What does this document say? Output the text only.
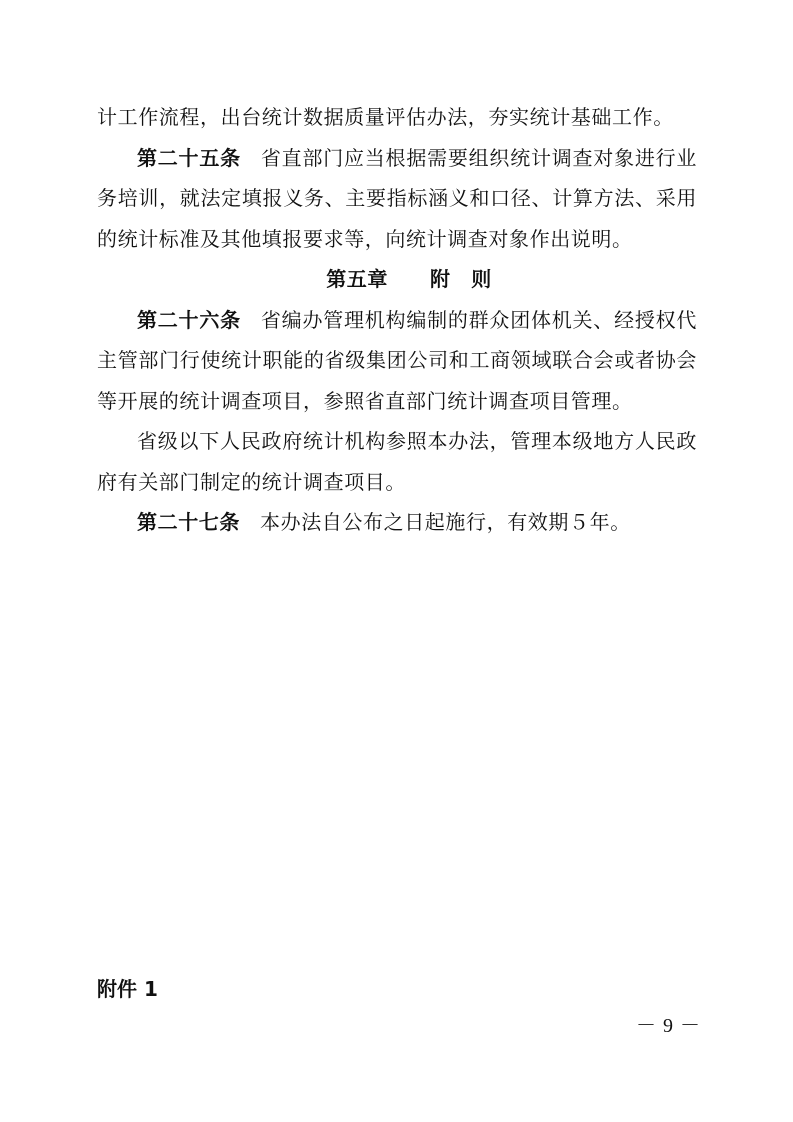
计工作流程，出台统计数据质量评估办法，夯实统计基础工作。

第二十五条 省直部门应当根据需要组织统计调查对象进行业务培训，就法定填报义务、主要指标涵义和口径、计算方法、采用的统计标准及其他填报要求等，向统计调查对象作出说明。

第五章 附　则

第二十六条 省编办管理机构编制的群众团体机关、经授权代主管部门行使统计职能的省级集团公司和工商领域联合会或者协会等开展的统计调查项目，参照省直部门统计调查项目管理。

省级以下人民政府统计机构参照本办法，管理本级地方人民政府有关部门制定的统计调查项目。

第二十七条 本办法自公布之日起施行，有效期５年。

附件 1
－ 9 －
